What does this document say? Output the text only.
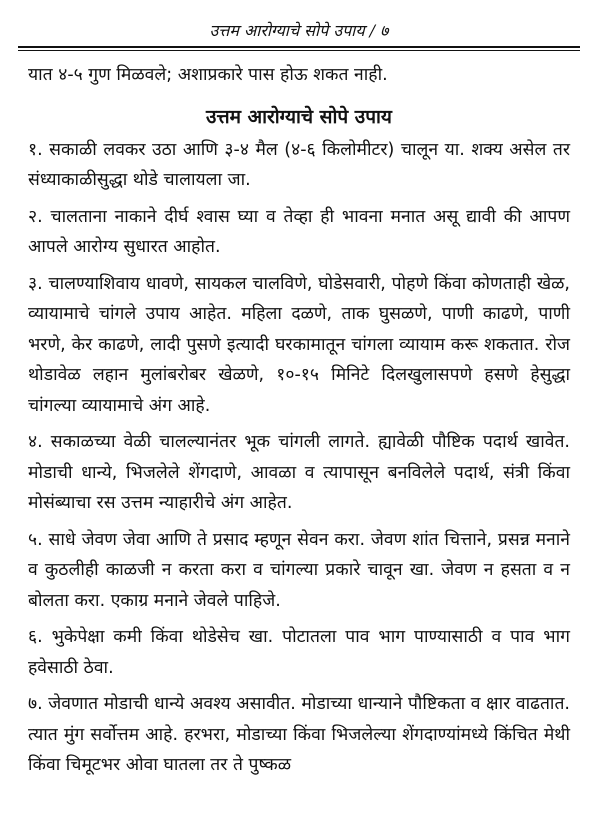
उत्तम आरोग्याचे सोपे उपाय / ७

यात ४-५ गुण मिळवले; अशाप्रकारे पास होऊ शकत नाही.

उत्तम आरोग्याचे सोपे उपाय

१. सकाळी लवकर उठा आणि ३-४ मैल (४-६ किलोमीटर) चालून या. शक्य असेल तर संध्याकाळीसुद्धा थोडे चालायला जा.

२. चालताना नाकाने दीर्घ श्वास घ्या व तेव्हा ही भावना मनात असू द्यावी की आपण आपले आरोग्य सुधारत आहोत.

३. चालण्याशिवाय धावणे, सायकल चालविणे, घोडेसवारी, पोहणे किंवा कोणताही खेळ, व्यायामाचे चांगले उपाय आहेत. महिला दळणे, ताक घुसळणे, पाणी काढणे, पाणी भरणे, केर काढणे, लादी पुसणे इत्यादी घरकामातून चांगला व्यायाम करू शकतात. रोज थोडावेळ लहान मुलांबरोबर खेळणे, १०-१५ मिनिटे दिलखुलासपणे हसणे हेसुद्धा चांगल्या व्यायामाचे अंग आहे.

४. सकाळच्या वेळी चालल्यानंतर भूक चांगली लागते. ह्यावेळी पौष्टिक पदार्थ खावेत. मोडाची धान्ये, भिजलेले शेंगदाणे, आवळा व त्यापासून बनविलेले पदार्थ, संत्री किंवा मोसंब्याचा रस उत्तम न्याहारीचे अंग आहेत.

५. साधे जेवण जेवा आणि ते प्रसाद म्हणून सेवन करा. जेवण शांत चित्ताने, प्रसन्न मनाने व कुठलीही काळजी न करता करा व चांगल्या प्रकारे चावून खा. जेवण न हसता व न बोलता करा. एकाग्र मनाने जेवले पाहिजे.

६. भुकेपेक्षा कमी किंवा थोडेसेच खा. पोटातला पाव भाग पाण्यासाठी व पाव भाग हवेसाठी ठेवा.

७. जेवणात मोडाची धान्ये अवश्य असावीत. मोडाच्या धान्याने पौष्टिकता व क्षार वाढतात. त्यात मुंग सर्वोत्तम आहे. हरभरा, मोडाच्या किंवा भिजलेल्या शेंगदाण्यांमध्ये किंचित मेथी किंवा चिमूटभर ओवा घातला तर ते पुष्कळ
